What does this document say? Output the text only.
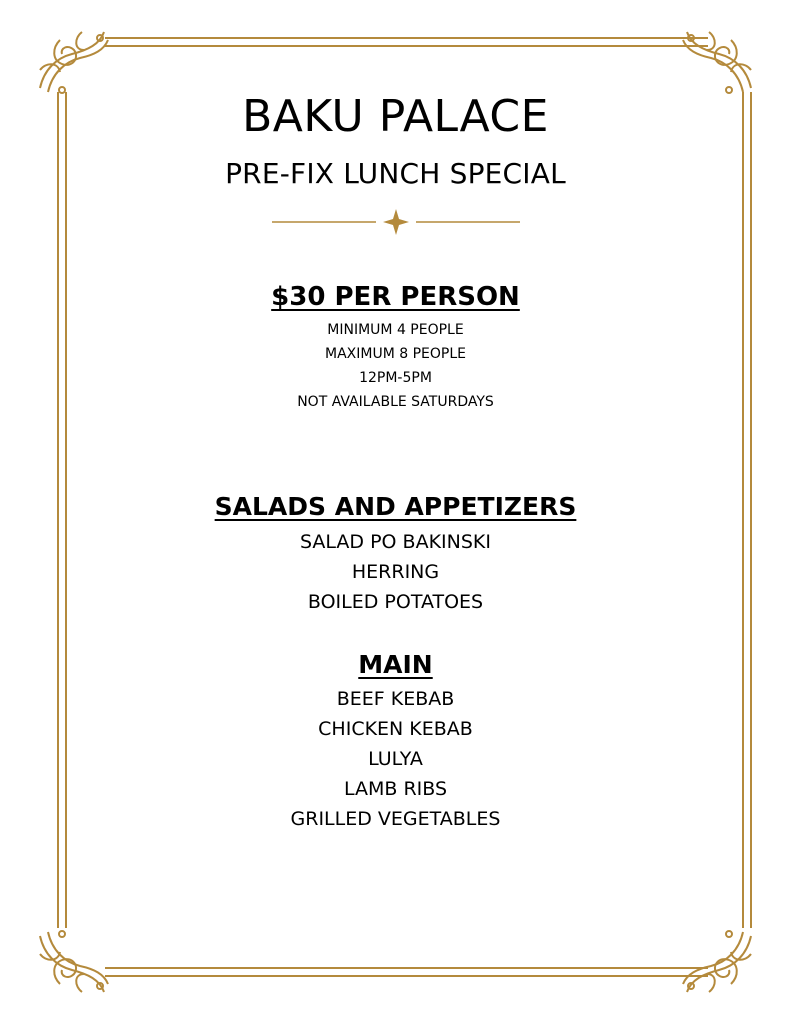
BAKU PALACE
PRE-FIX LUNCH SPECIAL
$30 PER PERSON
MINIMUM 4 PEOPLE
MAXIMUM 8 PEOPLE
12PM-5PM
NOT AVAILABLE SATURDAYS
SALADS AND APPETIZERS
SALAD PO BAKINSKI
HERRING
BOILED POTATOES
MAIN
BEEF KEBAB
CHICKEN KEBAB
LULYA
LAMB RIBS
GRILLED VEGETABLES
